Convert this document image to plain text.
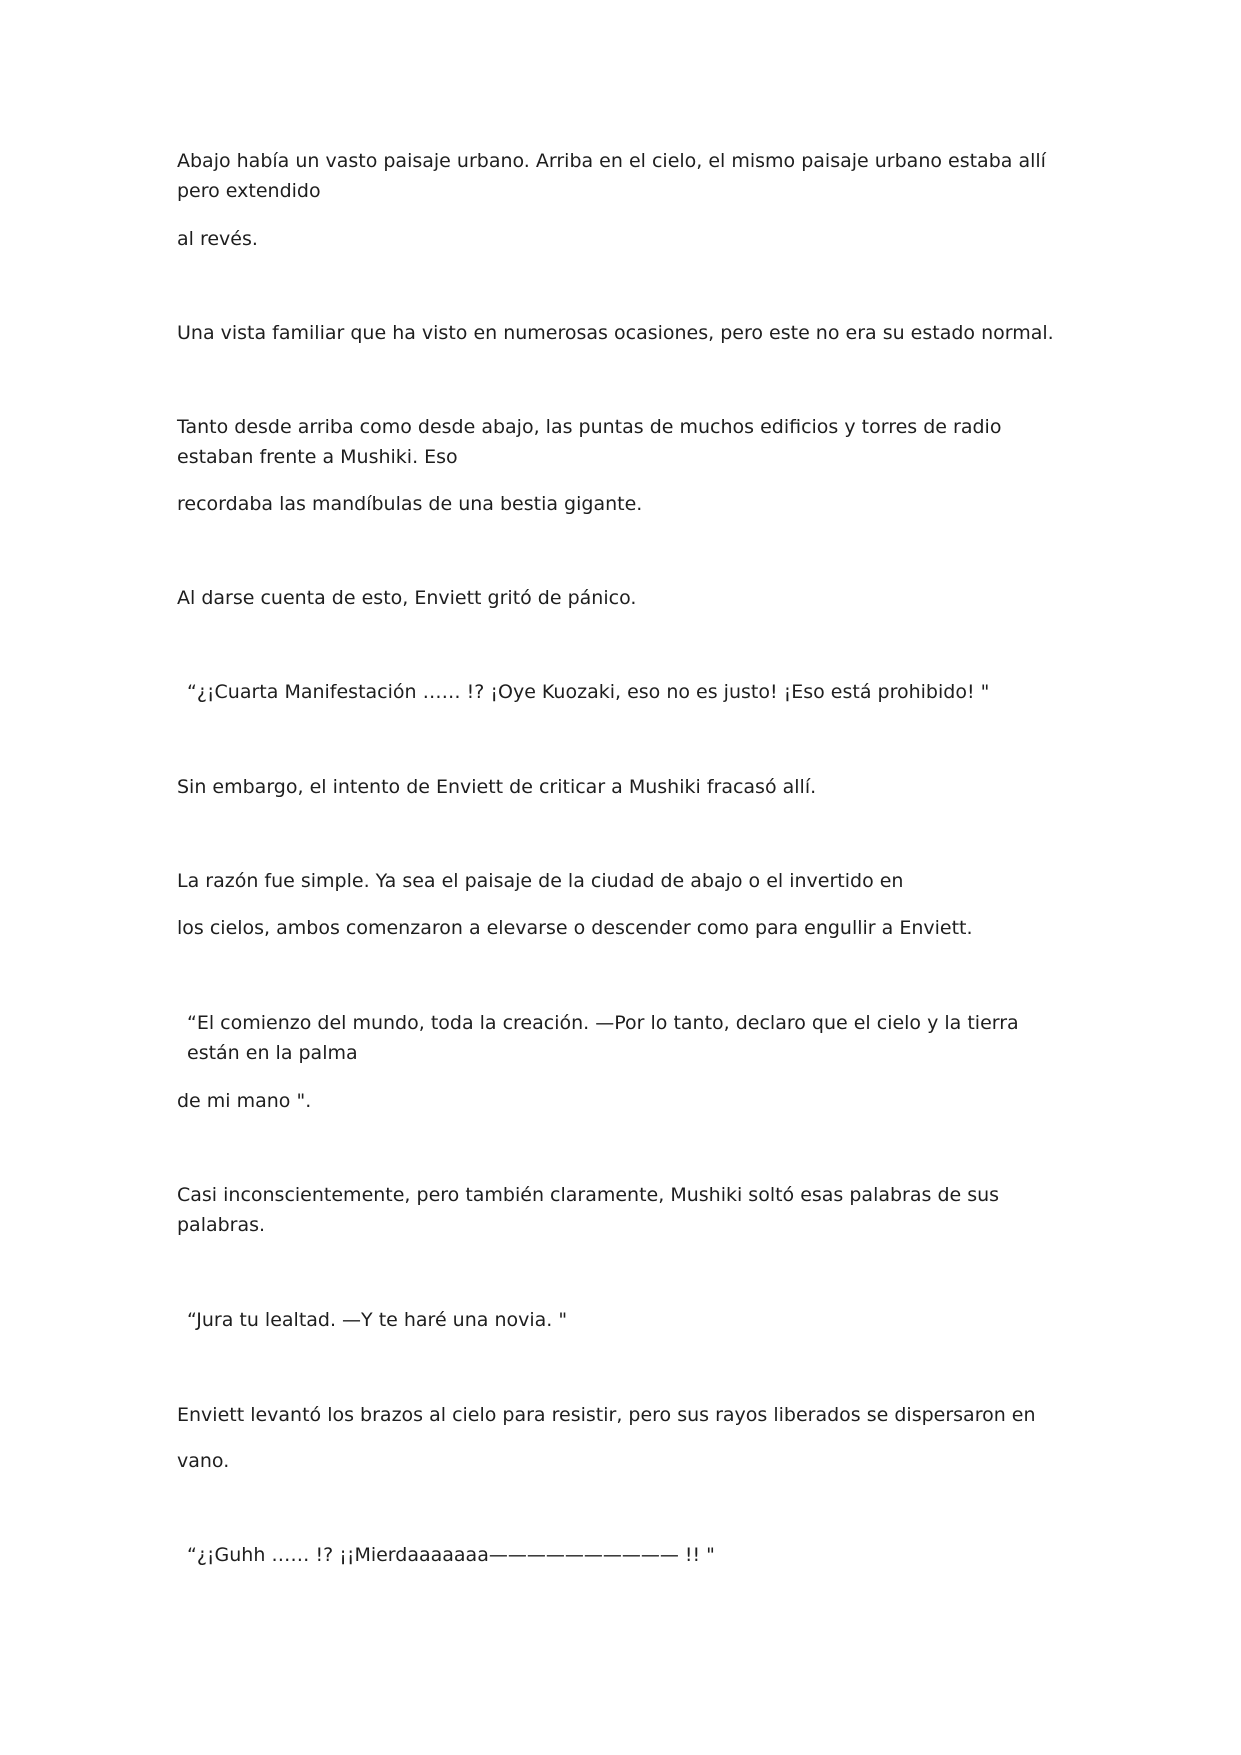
Abajo había un vasto paisaje urbano. Arriba en el cielo, el mismo paisaje urbano estaba allí pero extendido

al revés.

Una vista familiar que ha visto en numerosas ocasiones, pero este no era su estado normal.

Tanto desde arriba como desde abajo, las puntas de muchos edificios y torres de radio estaban frente a Mushiki. Eso

recordaba las mandíbulas de una bestia gigante.

Al darse cuenta de esto, Enviett gritó de pánico.

“¿¡Cuarta Manifestación …… !? ¡Oye Kuozaki, eso no es justo! ¡Eso está prohibido! "

Sin embargo, el intento de Enviett de criticar a Mushiki fracasó allí.

La razón fue simple. Ya sea el paisaje de la ciudad de abajo o el invertido en

los cielos, ambos comenzaron a elevarse o descender como para engullir a Enviett.

“El comienzo del mundo, toda la creación. —Por lo tanto, declaro que el cielo y la tierra están en la palma

de mi mano ".

Casi inconscientemente, pero también claramente, Mushiki soltó esas palabras de sus palabras.

“Jura tu lealtad. —Y te haré una novia. "

Enviett levantó los brazos al cielo para resistir, pero sus rayos liberados se dispersaron en

vano.

“¿¡Guhh …… !? ¡¡Mierdaaaaaaa—————————— !! "
